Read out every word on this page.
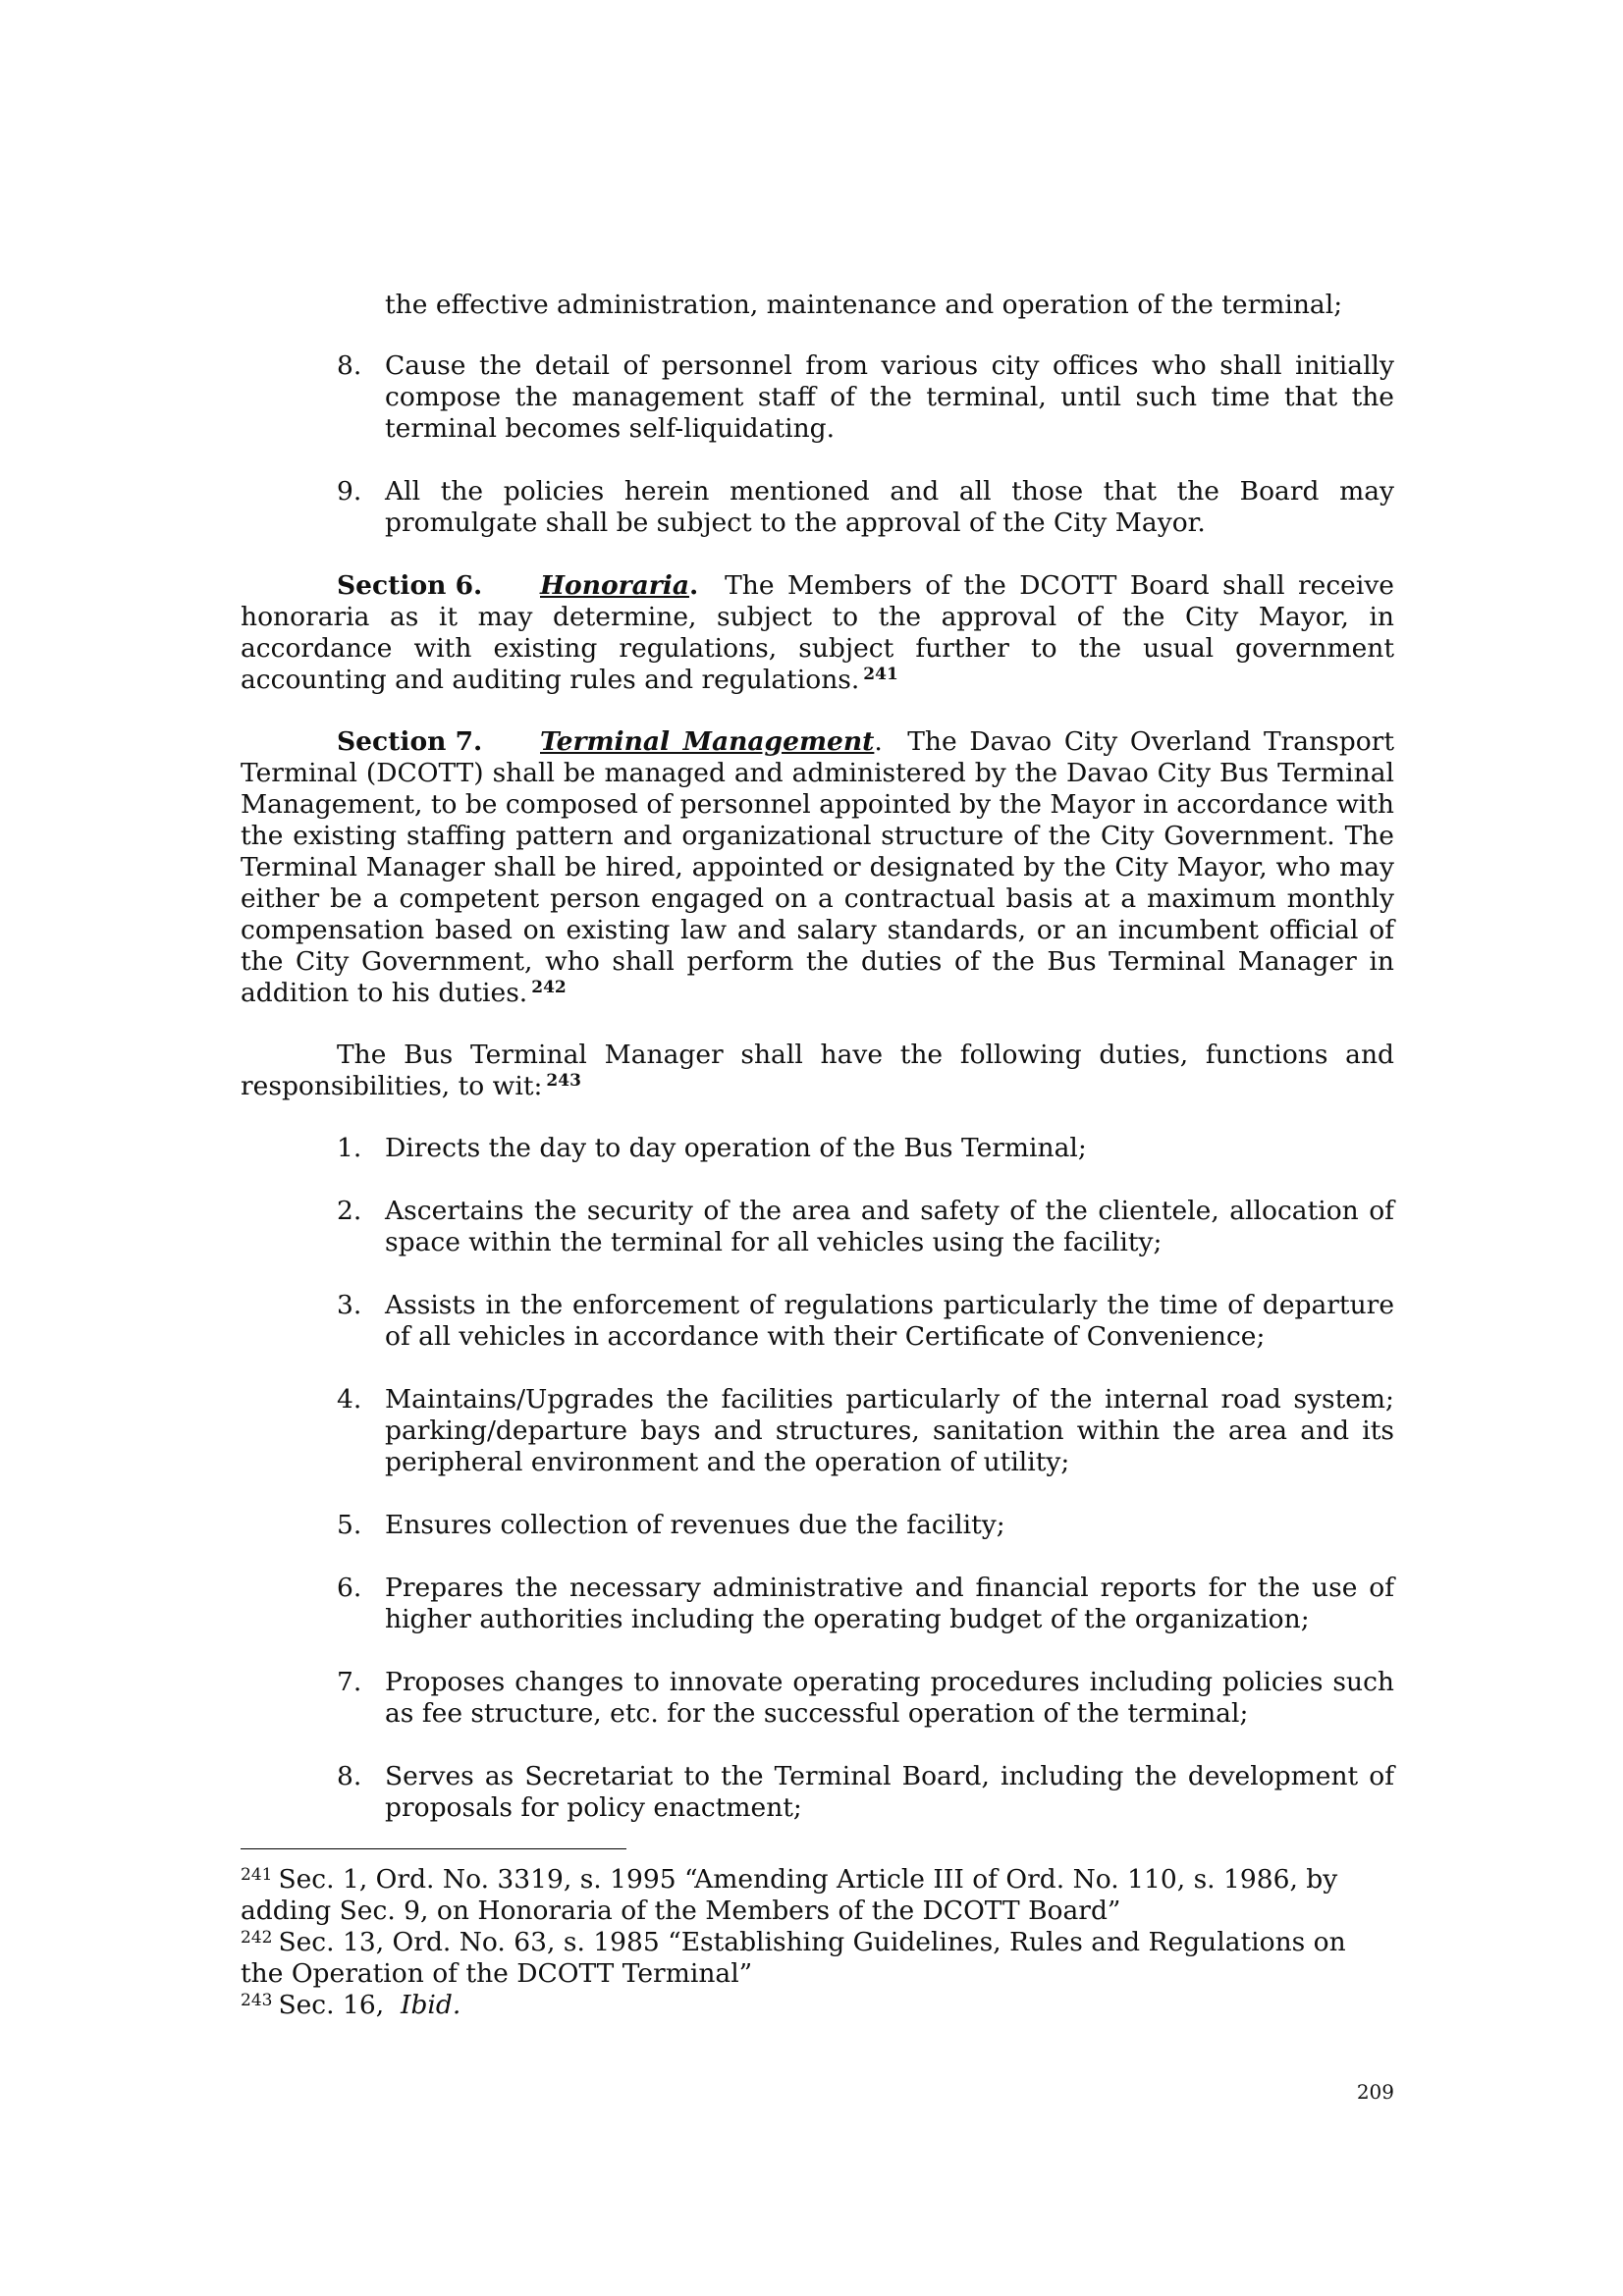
the effective administration, maintenance and operation of the terminal;

8. Cause the detail of personnel from various city offices who shall initially compose the management staff of the terminal, until such time that the terminal becomes self-liquidating.
9. All the policies herein mentioned and all those that the Board may promulgate shall be subject to the approval of the City Mayor.

Section 6. Honoraria. The Members of the DCOTT Board shall receive honoraria as it may determine, subject to the approval of the City Mayor, in accordance with existing regulations, subject further to the usual government accounting and auditing rules and regulations. $^{241}$

Section 7. Terminal Management. The Davao City Overland Transport Terminal (DCOTT) shall be managed and administered by the Davao City Bus Terminal Management, to be composed of personnel appointed by the Mayor in accordance with the existing staffing pattern and organizational structure of the City Government. The Terminal Manager shall be hired, appointed or designated by the City Mayor, who may either be a competent person engaged on a contractual basis at a maximum monthly compensation based on existing law and salary standards, or an incumbent official of the City Government, who shall perform the duties of the Bus Terminal Manager in addition to his duties. $^{242}$

The Bus Terminal Manager shall have the following duties, functions and responsibilities, to wit: $^{243}$

1. Directs the day to day operation of the Bus Terminal;
2. Ascertains the security of the area and safety of the clientele, allocation of space within the terminal for all vehicles using the facility;
3. Assists in the enforcement of regulations particularly the time of departure of all vehicles in accordance with their Certificate of Convenience;
4. Maintains/Upgrades the facilities particularly of the internal road system; parking/departure bays and structures, sanitation within the area and its peripheral environment and the operation of utility;
5. Ensures collection of revenues due the facility;
6. Prepares the necessary administrative and financial reports for the use of higher authorities including the operating budget of the organization;
7. Proposes changes to innovate operating procedures including policies such as fee structure, etc. for the successful operation of the terminal;
8. Serves as Secretariat to the Terminal Board, including the development of proposals for policy enactment;

$^{241}$ Sec. 1, Ord. No. 3319, s. 1995 “Amending Article III of Ord. No. 110, s. 1986, by adding Sec. 9, on Honoraria of the Members of the DCOTT Board”

$^{242}$ Sec. 13, Ord. No. 63, s. 1985 “Establishing Guidelines, Rules and Regulations on the Operation of the DCOTT Terminal”

$^{243}$ Sec. 16, Ibid.

209
